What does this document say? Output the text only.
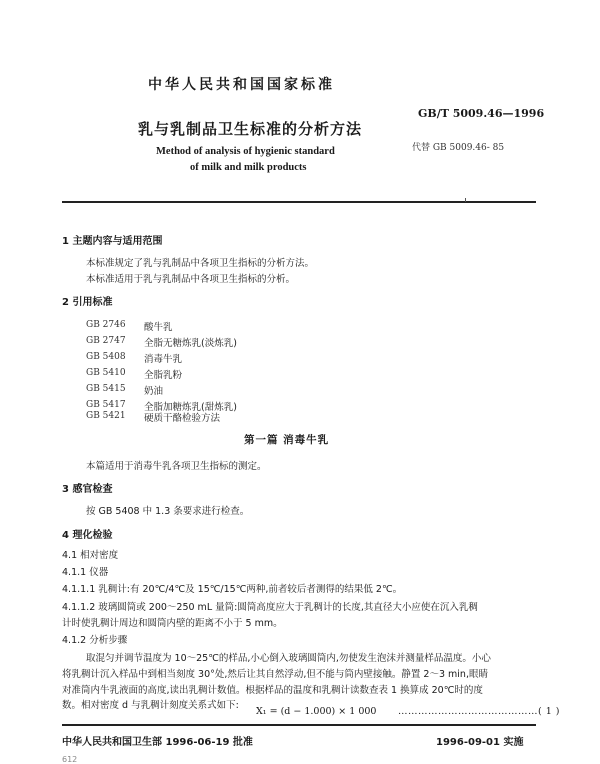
中华人民共和国国家标准
乳与乳制品卫生标准的分析方法
GB/T 5009.46—1996
Method of analysis of hygienic standard
of milk and milk products
代替 GB 5009.46- 85
1 主题内容与适用范围
本标准规定了乳与乳制品中各项卫生指标的分析方法。
本标准适用于乳与乳制品中各项卫生指标的分析。
2 引用标准
GB 2746 酸牛乳
GB 2747 全脂无糖炼乳(淡炼乳)
GB 5408 消毒牛乳
GB 5410 全脂乳粉
GB 5415 奶油
GB 5417 全脂加糖炼乳(甜炼乳)
GB 5421 硬质干酪检验方法
第一篇 消毒牛乳
本篇适用于消毒牛乳各项卫生指标的测定。
3 感官检查
按 GB 5408 中 1.3 条要求进行检查。
4 理化检验
4.1 相对密度
4.1.1 仪器
4.1.1.1 乳稠计:有 20℃/4℃及 15℃/15℃两种,前者较后者测得的结果低 2℃。
4.1.1.2 玻璃圆筒或 200～250 mL 量筒:圆筒高度应大于乳稠计的长度,其直径大小应使在沉入乳稠
计时使乳稠计周边和圆筒内壁的距离不小于 5 mm。
4.1.2 分析步骤
取混匀并调节温度为 10～25℃的样品,小心倒入玻璃圆筒内,勿使发生泡沫并测量样品温度。小心
将乳稠计沉入样品中到相当刻度 30°处,然后让其自然浮动,但不能与筒内壁接触。静置 2～3 min,眼睛
对准筒内牛乳液面的高度,读出乳稠计数值。根据样品的温度和乳稠计读数查表 1 换算成 20℃时的度
数。相对密度 d 与乳稠计刻度关系式如下:
X₁ = (d − 1.000) × 1 000 ……………………………………( 1 )
中华人民共和国卫生部 1996-06-19 批准	1996-09-01 实施
612
